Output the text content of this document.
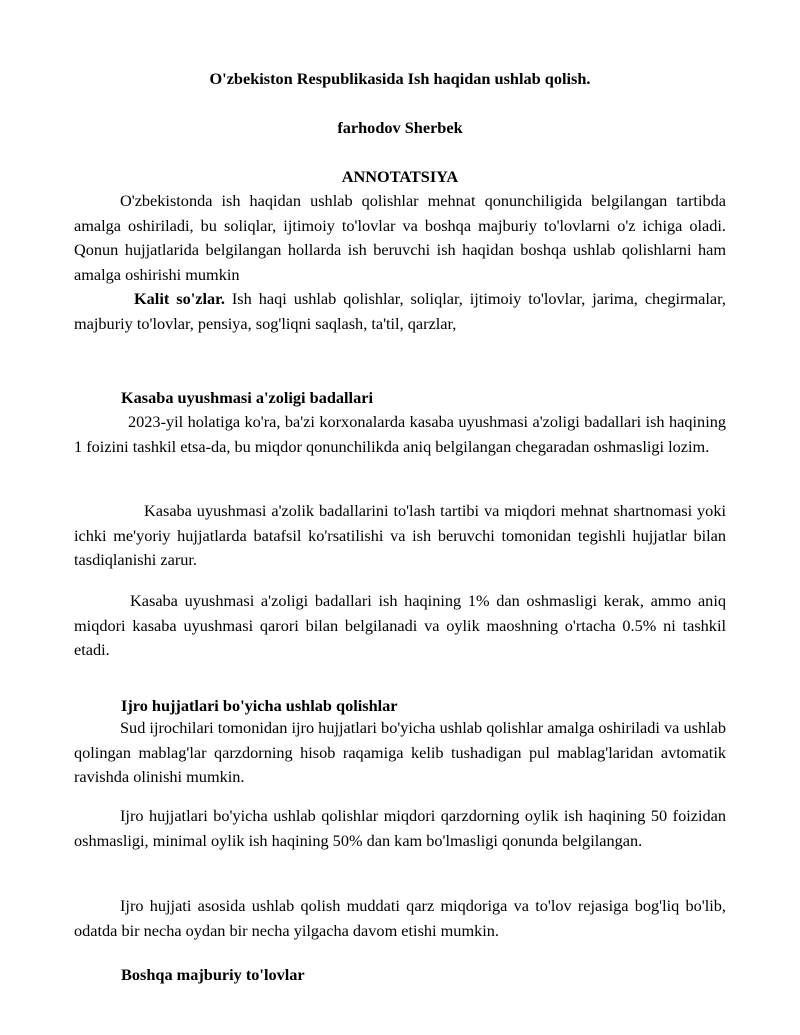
O'zbekiston Respublikasida Ish haqidan ushlab qolish.
farhodov Sherbek
ANNOTATSIYA
O'zbekistonda ish haqidan ushlab qolishlar mehnat qonunchiligida belgilangan tartibda amalga oshiriladi, bu soliqlar, ijtimoiy to'lovlar va boshqa majburiy to'lovlarni o'z ichiga oladi. Qonun hujjatlarida belgilangan hollarda ish beruvchi ish haqidan boshqa ushlab qolishlarni ham amalga oshirishi mumkin
Kalit so'zlar. Ish haqi ushlab qolishlar, soliqlar, ijtimoiy to'lovlar, jarima, chegirmalar, majburiy to'lovlar, pensiya, sog'liqni saqlash, ta'til, qarzlar,
Kasaba uyushmasi a'zoligi badallari
2023-yil holatiga ko'ra, ba'zi korxonalarda kasaba uyushmasi a'zoligi badallari ish haqining 1 foizini tashkil etsa-da, bu miqdor qonunchilikda aniq belgilangan chegaradan oshmasligi lozim.
Kasaba uyushmasi a'zolik badallarini to'lash tartibi va miqdori mehnat shartnomasi yoki ichki me'yoriy hujjatlarda batafsil ko'rsatilishi va ish beruvchi tomonidan tegishli hujjatlar bilan tasdiqlanishi zarur.
Kasaba uyushmasi a'zoligi badallari ish haqining 1% dan oshmasligi kerak, ammo aniq miqdori kasaba uyushmasi qarori bilan belgilanadi va oylik maoshning o'rtacha 0.5% ni tashkil etadi.
Ijro hujjatlari bo'yicha ushlab qolishlar
Sud ijrochilari tomonidan ijro hujjatlari bo'yicha ushlab qolishlar amalga oshiriladi va ushlab qolingan mablag'lar qarzdorning hisob raqamiga kelib tushadigan pul mablag'laridan avtomatik ravishda olinishi mumkin.
Ijro hujjatlari bo'yicha ushlab qolishlar miqdori qarzdorning oylik ish haqining 50 foizidan oshmasligi, minimal oylik ish haqining 50% dan kam bo'lmasligi qonunda belgilangan.
Ijro hujjati asosida ushlab qolish muddati qarz miqdoriga va to'lov rejasiga bog'liq bo'lib, odatda bir necha oydan bir necha yilgacha davom etishi mumkin.
Boshqa majburiy to'lovlar
